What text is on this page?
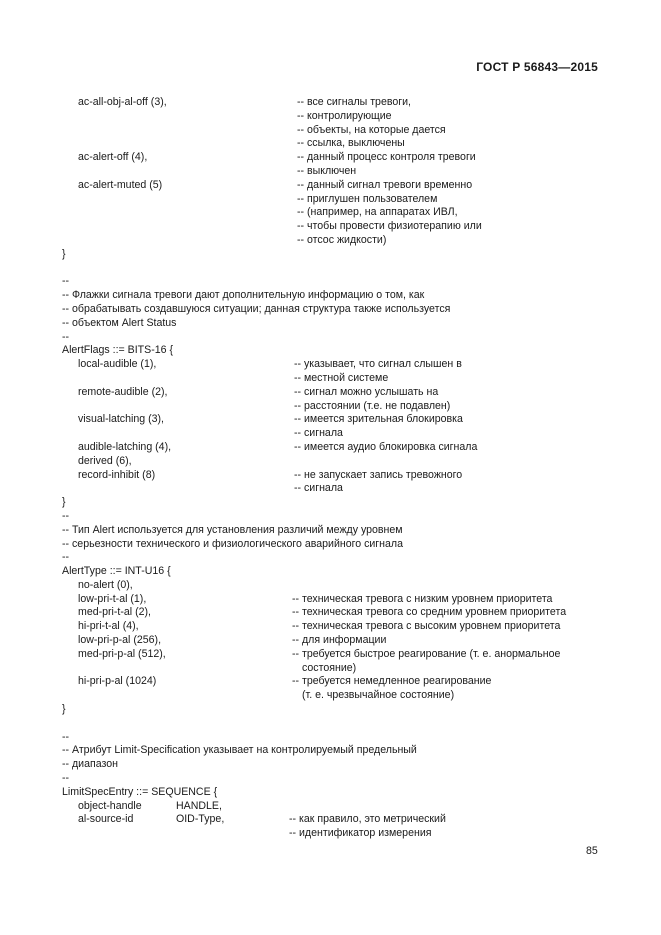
ГОСТ Р 56843—2015
ac-all-obj-al-off (3),	-- все сигналы тревоги,
-- контролирующие
-- объекты, на которые дается
-- ссылка, выключены
ac-alert-off (4),	-- данный процесс контроля тревоги
-- выключен
ac-alert-muted (5)	-- данный сигнал тревоги временно
-- приглушен пользователем
-- (например, на аппаратах ИВЛ,
-- чтобы провести физиотерапию или
-- отсос жидкости)
}
--
-- Флажки сигнала тревоги дают дополнительную информацию о том, как
-- обрабатывать создавшуюся ситуации; данная структура также используется
-- объектом Alert Status
--
AlertFlags ::= BITS-16 {
local-audible (1),	-- указывает, что сигнал слышен в
-- местной системе
remote-audible (2),	-- сигнал можно услышать на
-- расстоянии (т.е. не подавлен)
visual-latching (3),	-- имеется зрительная блокировка
-- сигнала
audible-latching (4),	-- имеется аудио блокировка сигнала
derived (6),
record-inhibit (8)	-- не запускает запись тревожного
-- сигнала
}
--
-- Тип Alert используется для установления различий между уровнем
-- серьезности технического и физиологического аварийного сигнала
--
AlertType ::= INT-U16 {
no-alert (0),
low-pri-t-al (1),	-- техническая тревога с низким уровнем приоритета
med-pri-t-al (2),	-- техническая тревога со средним уровнем приоритета
hi-pri-t-al (4),	-- техническая тревога с высоким уровнем приоритета
low-pri-p-al (256),	-- для информации
med-pri-p-al (512),	-- требуется быстрое реагирование (т. е. анормальное
состояние)
hi-pri-p-al (1024)	-- требуется немедленное реагирование
(т. е. чрезвычайное состояние)
}
--
-- Атрибут Limit-Specification указывает на контролируемый предельный
-- диапазон
--
LimitSpecEntry ::= SEQUENCE {
object-handle	HANDLE,
al-source-id	OID-Type,	-- как правило, это метрический
-- идентификатор измерения
85
